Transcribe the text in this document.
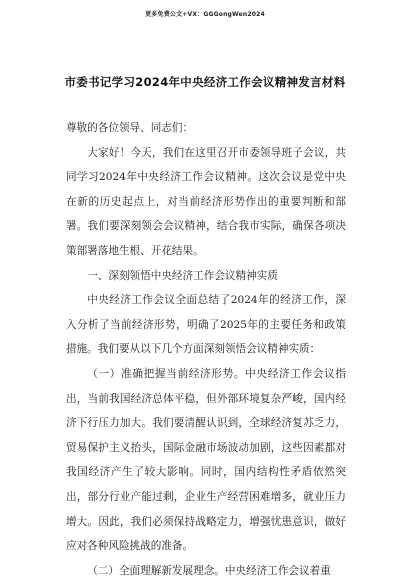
更多免费公文+VX：GGGongWen2024
市委书记学习2024年中央经济工作会议精神发言材料

尊敬的各位领导、同志们：

大家好！今天，我们在这里召开市委领导班子会议，共同学习2024年中央经济工作会议精神。这次会议是党中央在新的历史起点上，对当前经济形势作出的重要判断和部署。我们要深刻领会会议精神，结合我市实际，确保各项决策部署落地生根、开花结果。

一、深刻领悟中央经济工作会议精神实质

中央经济工作会议全面总结了2024年的经济工作，深入分析了当前经济形势，明确了2025年的主要任务和政策措施。我们要从以下几个方面深刻领悟会议精神实质：

（一）准确把握当前经济形势。中央经济工作会议指出，当前我国经济总体平稳，但外部环境复杂严峻，国内经济下行压力加大。我们要清醒认识到，全球经济复苏乏力，贸易保护主义抬头，国际金融市场波动加剧，这些因素都对我国经济产生了较大影响。同时，国内结构性矛盾依然突出，部分行业产能过剩，企业生产经营困难增多，就业压力增大。因此，我们必须保持战略定力，增强忧患意识，做好应对各种风险挑战的准备。

（二）全面理解新发展理念。中央经济工作会议着重
